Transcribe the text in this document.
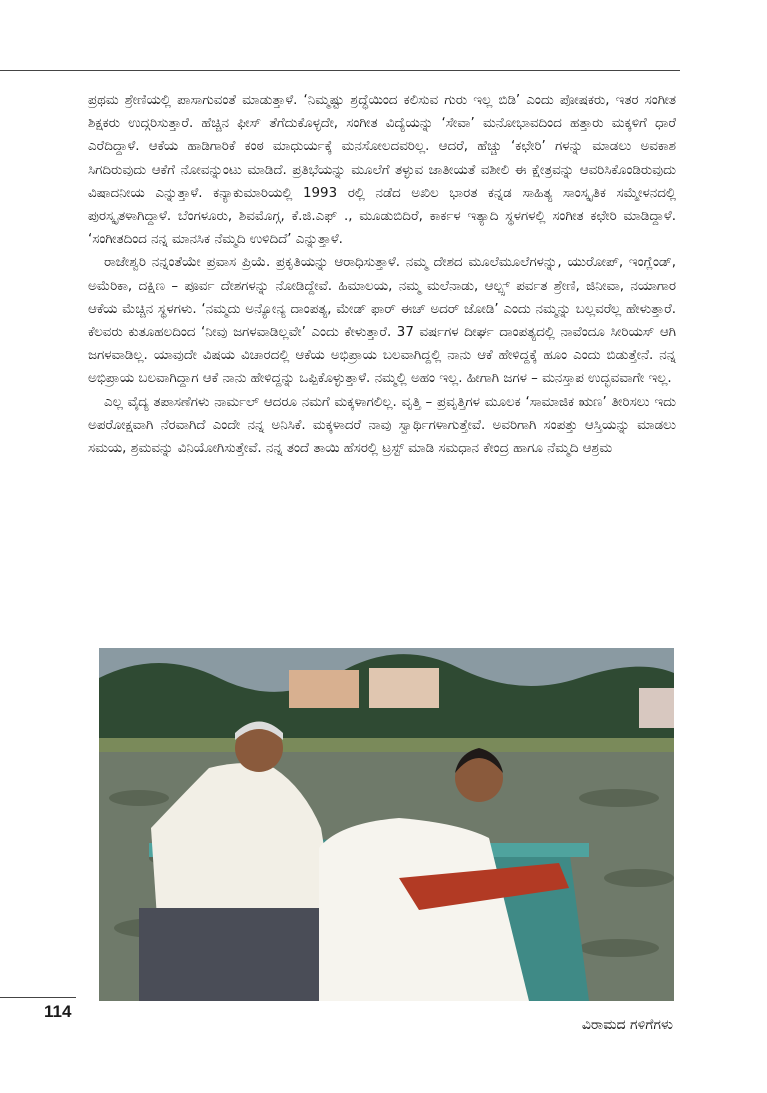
ಪ್ರಥಮ ಶ್ರೇಣಿಯಲ್ಲಿ ಪಾಸಾಗುವಂತೆ ಮಾಡುತ್ತಾಳೆ. ‘ನಿಮ್ಮಷ್ಟು ಶ್ರದ್ಧೆಯಿಂದ ಕಲಿಸುವ ಗುರು ಇಲ್ಲ ಬಿಡಿ’ ಎಂದು ಪೋಷಕರು, ಇತರ ಸಂಗೀತ ಶಿಕ್ಷಕರು ಉದ್ಗರಿಸುತ್ತಾರೆ. ಹೆಚ್ಚಿನ ಫೀಸ್ ತೆಗೆದುಕೊಳ್ಳದೇ, ಸಂಗೀತ ವಿದ್ಯೆಯನ್ನು ‘ಸೇವಾ’ ಮನೋಭಾವದಿಂದ ಹತ್ತಾರು ಮಕ್ಕಳಿಗೆ ಧಾರೆ ಎರೆದಿದ್ದಾಳೆ. ಆಕೆಯ ಹಾಡಿಗಾರಿಕೆ ಕಂಠ ಮಾಧುರ್ಯಕ್ಕೆ ಮನಸೋಲದವರಿಲ್ಲ. ಆದರೆ, ಹೆಚ್ಚು ‘ಕಛೇರಿ’ ಗಳನ್ನು ಮಾಡಲು ಅವಕಾಶ ಸಿಗದಿರುವುದು ಆಕೆಗೆ ನೋವನ್ನುಂಟು ಮಾಡಿದೆ. ಪ್ರತಿಭೆಯನ್ನು ಮೂಲೆಗೆ ತಳ್ಳುವ ಜಾತೀಯತೆ ವಶೀಲಿ ಈ ಕ್ಷೇತ್ರವನ್ನು ಆವರಿಸಿಕೊಂಡಿರುವುದು ವಿಷಾದನೀಯ ಎನ್ನುತ್ತಾಳೆ. ಕನ್ಯಾಕುಮಾರಿಯಲ್ಲಿ 1993 ರಲ್ಲಿ ನಡೆದ ಅಖಿಲ ಭಾರತ ಕನ್ನಡ ಸಾಹಿತ್ಯ ಸಾಂಸ್ಕೃತಿಕ ಸಮ್ಮೇಳನದಲ್ಲಿ ಪುರಸ್ಕೃತಳಾಗಿದ್ದಾಳೆ. ಬೆಂಗಳೂರು, ಶಿವಮೊಗ್ಗ, ಕೆ.ಜಿ.ಎಫ್ ., ಮೂಡುಬಿದಿರೆ, ಕಾರ್ಕಳ ಇತ್ಯಾದಿ ಸ್ಥಳಗಳಲ್ಲಿ ಸಂಗೀತ ಕಛೇರಿ ಮಾಡಿದ್ದಾಳೆ. ‘ಸಂಗೀತದಿಂದ ನನ್ನ ಮಾನಸಿಕ ನೆಮ್ಮದಿ ಉಳಿದಿದೆ’ ಎನ್ನುತ್ತಾಳೆ.

ರಾಜೇಶ್ವರಿ ನನ್ನಂತೆಯೇ ಪ್ರವಾಸ ಪ್ರಿಯೆ. ಪ್ರಕೃತಿಯನ್ನು ಆರಾಧಿಸುತ್ತಾಳೆ. ನಮ್ಮ ದೇಶದ ಮೂಲೆಮೂಲೆಗಳನ್ನು, ಯುರೋಪ್, ಇಂಗ್ಲೆಂಡ್, ಅಮೆರಿಕಾ, ದಕ್ಷಿಣ – ಪೂರ್ವ ದೇಶಗಳನ್ನು ನೋಡಿದ್ದೇವೆ. ಹಿಮಾಲಯ, ನಮ್ಮ ಮಲೆನಾಡು, ಆಲ್ಪ್ಸ್ ಪರ್ವತ ಶ್ರೇಣಿ, ಜಿನೀವಾ, ನಯಾಗಾರ ಆಕೆಯ ಮೆಚ್ಚಿನ ಸ್ಥಳಗಳು. ‘ನಮ್ಮದು ಅನ್ಯೋನ್ಯ ದಾಂಪತ್ಯ, ಮೇಡ್ ಫಾರ್ ಈಚ್ ಅದರ್ ಜೋಡಿ’ ಎಂದು ನಮ್ಮನ್ನು ಬಲ್ಲವರೆಲ್ಲ ಹೇಳುತ್ತಾರೆ. ಕೆಲವರು ಕುತೂಹಲದಿಂದ ‘ನೀವು ಜಗಳವಾಡಿಲ್ಲವೇ’ ಎಂದು ಕೇಳುತ್ತಾರೆ. 37 ವರ್ಷಗಳ ದೀರ್ಘ ದಾಂಪತ್ಯದಲ್ಲಿ ನಾವೆಂದೂ ಸೀರಿಯಸ್ ಆಗಿ ಜಗಳವಾಡಿಲ್ಲ. ಯಾವುದೇ ವಿಷಯ ವಿಚಾರದಲ್ಲಿ ಆಕೆಯ ಅಭಿಪ್ರಾಯ ಬಲವಾಗಿದ್ದಲ್ಲಿ ನಾನು ಆಕೆ ಹೇಳಿದ್ದಕ್ಕೆ ಹೂಂ ಎಂದು ಬಿಡುತ್ತೇನೆ. ನನ್ನ ಅಭಿಪ್ರಾಯ ಬಲವಾಗಿದ್ದಾಗ ಆಕೆ ನಾನು ಹೇಳಿದ್ದನ್ನು ಒಪ್ಪಿಕೊಳ್ಳುತ್ತಾಳೆ. ನಮ್ಮಲ್ಲಿ ಅಹಂ ಇಲ್ಲ. ಹೀಗಾಗಿ ಜಗಳ – ಮನಸ್ತಾಪ ಉದ್ಭವವಾಗೇ ಇಲ್ಲ.

ಎಲ್ಲ ವೈದ್ಯ ತಪಾಸಣೆಗಳು ನಾರ್ಮಲ್ ಆದರೂ ನಮಗೆ ಮಕ್ಕಳಾಗಲಿಲ್ಲ. ವೃತ್ತಿ – ಪ್ರವೃತ್ತಿಗಳ ಮೂಲಕ ‘ಸಾಮಾಜಿಕ ಋಣ’ ತೀರಿಸಲು ಇದು ಅಪರೋಕ್ಷವಾಗಿ ನೆರವಾಗಿದೆ ಎಂದೇ ನನ್ನ ಅನಿಸಿಕೆ. ಮಕ್ಕಳಾದರೆ ನಾವು ಸ್ವಾರ್ಥಿಗಳಾಗುತ್ತೇವೆ. ಅವರಿಗಾಗಿ ಸಂಪತ್ತು ಆಸ್ತಿಯನ್ನು ಮಾಡಲು ಸಮಯ, ಶ್ರಮವನ್ನು ವಿನಿಯೋಗಿಸುತ್ತೇವೆ. ನನ್ನ ತಂದೆ ತಾಯಿ ಹೆಸರಲ್ಲಿ ಟ್ರಸ್ಟ್ ಮಾಡಿ ಸಮಧಾನ ಕೇಂದ್ರ ಹಾಗೂ ನೆಮ್ಮದಿ ಆಶ್ರಮ

114
ವಿರಾಮದ ಗಳಿಗೆಗಳು
